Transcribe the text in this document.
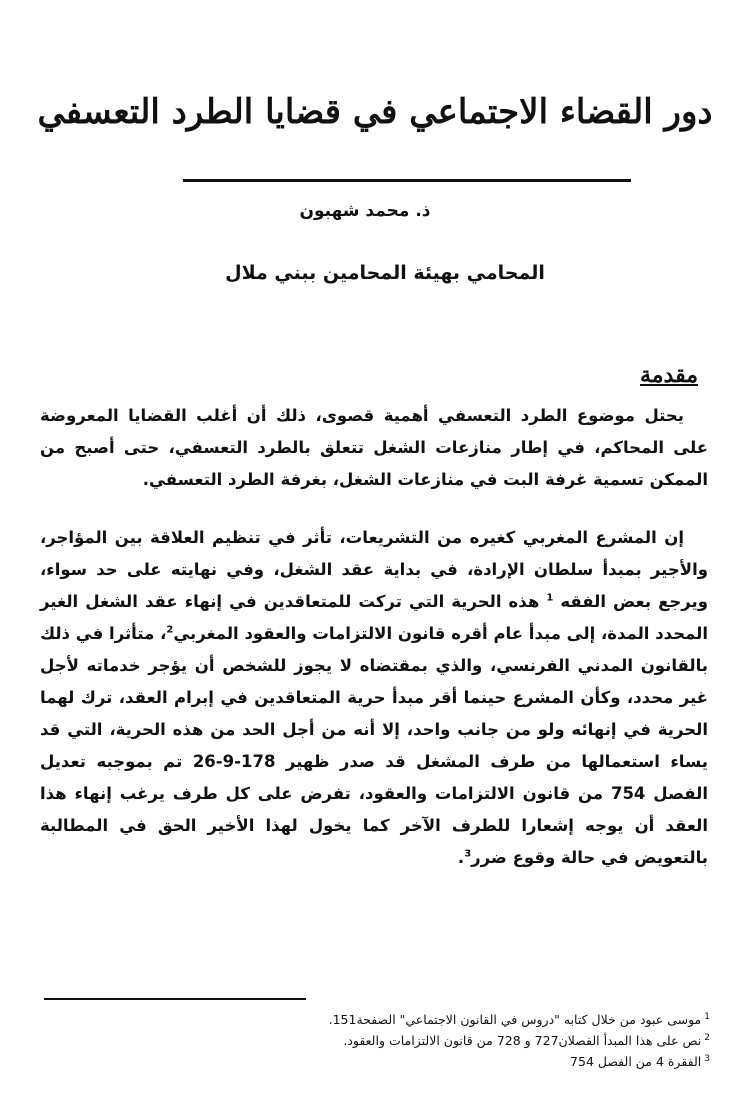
دور القضاء الاجتماعي في قضايا الطرد التعسفي

ذ. محمد شهبون

المحامي بهيئة المحامين ببني ملال

مقدمة

يحتل موضوع الطرد التعسفي أهمية قصوى، ذلك أن أغلب القضايا المعروضة على المحاكم، في إطار منازعات الشغل تتعلق بالطرد التعسفي، حتى أصبح من الممكن تسمية غرفة البت في منازعات الشغل، بغرفة الطرد التعسفي.

إن المشرع المغربي كغيره من التشريعات، تأثر في تنظيم العلاقة بين المؤاجر، والأجير بمبدأ سلطان الإرادة، في بداية عقد الشغل، وفي نهايته على حد سواء، ويرجع بعض الفقه $^1$ هذه الحرية التي تركت للمتعاقدين في إنهاء عقد الشغل الغير المحدد المدة، إلى مبدأ عام أقره قانون الالتزامات والعقود المغربي$^2$، متأثرا في ذلك بالقانون المدني الفرنسي، والذي بمقتضاه لا يجوز للشخص أن يؤجر خدماته لأجل غير محدد، وكأن المشرع حينما أقر مبدأ حرية المتعاقدين في إبرام العقد، ترك لهما الحرية في إنهائه ولو من جانب واحد، إلا أنه من أجل الحد من هذه الحرية، التي قد يساء استعمالها من طرف المشغل قد صدر ظهير 178-9-26 تم بموجبه تعديل الفصل 754 من قانون الالتزامات والعقود، تفرض على كل طرف يرغب إنهاء هذا العقد أن يوجه إشعارا للطرف الآخر كما يخول لهذا الأخير الحق في المطالبة بالتعويض في حالة وقوع ضرر$^3$.

$^1$موسى عبود من خلال كتابه "دروس في القانون الاجتماعي" الصفحة151.
$^2$نص على هذا المبدأ الفصلان727 و 728 من قانون الالتزامات والعقود.
$^3$الفقرة 4 من الفصل 754
